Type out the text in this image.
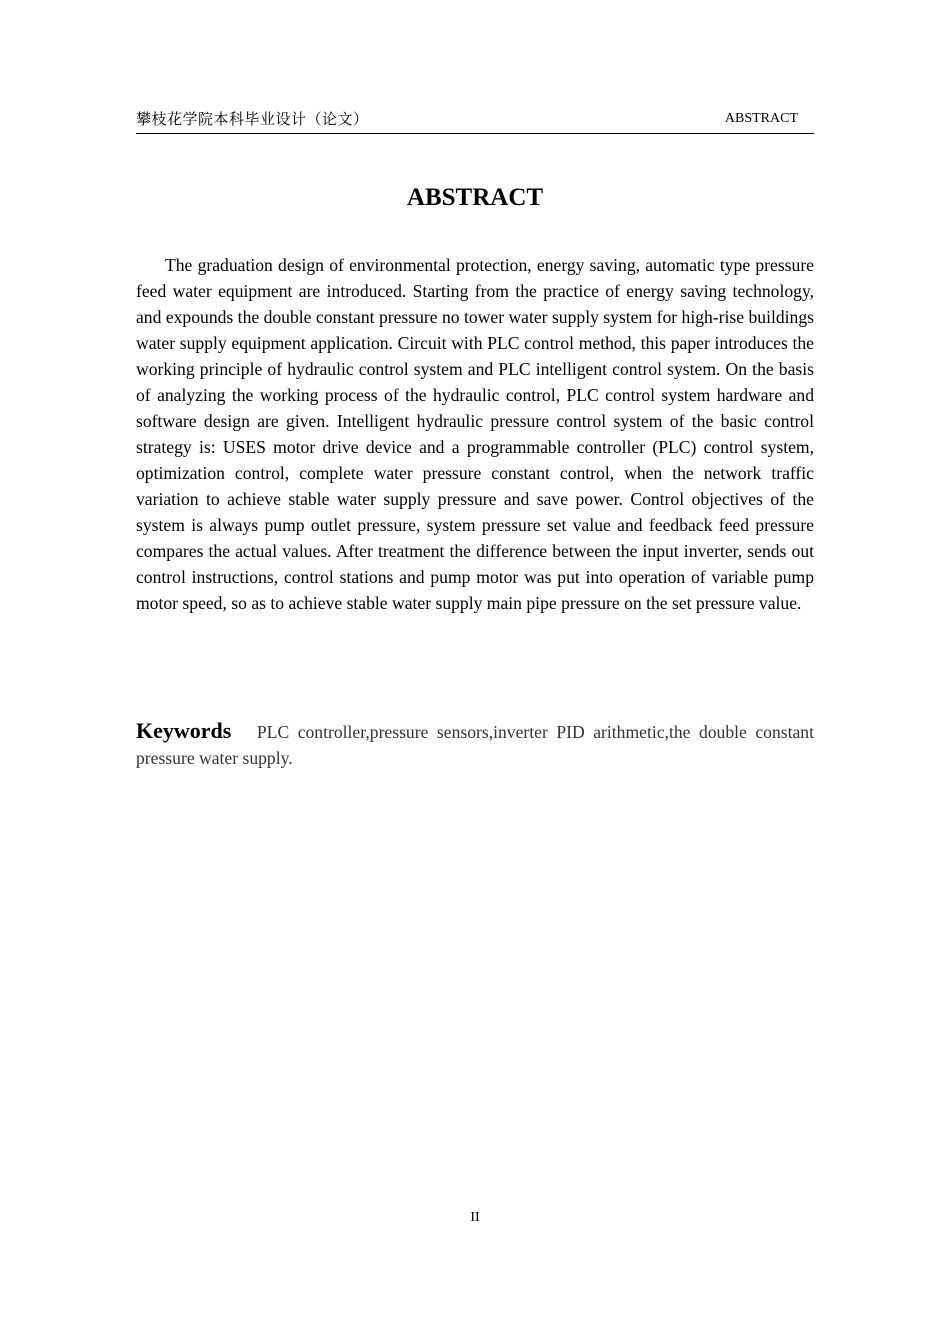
攀枝花学院本科毕业设计（论文）	ABSTRACT
ABSTRACT

The graduation design of environmental protection, energy saving, automatic type pressure feed water equipment are introduced. Starting from the practice of energy saving technology, and expounds the double constant pressure no tower water supply system for high-rise buildings water supply equipment application. Circuit with PLC control method, this paper introduces the working principle of hydraulic control system and PLC intelligent control system. On the basis of analyzing the working process of the hydraulic control, PLC control system hardware and software design are given. Intelligent hydraulic pressure control system of the basic control strategy is: USES motor drive device and a programmable controller (PLC) control system, optimization control, complete water pressure constant control, when the network traffic variation to achieve stable water supply pressure and save power. Control objectives of the system is always pump outlet pressure, system pressure set value and feedback feed pressure compares the actual values. After treatment the difference between the input inverter, sends out control instructions, control stations and pump motor was put into operation of variable pump motor speed, so as to achieve stable water supply main pipe pressure on the set pressure value.

Keywords PLC controller,pressure sensors,inverter PID arithmetic,the double constant pressure water supply.

II
